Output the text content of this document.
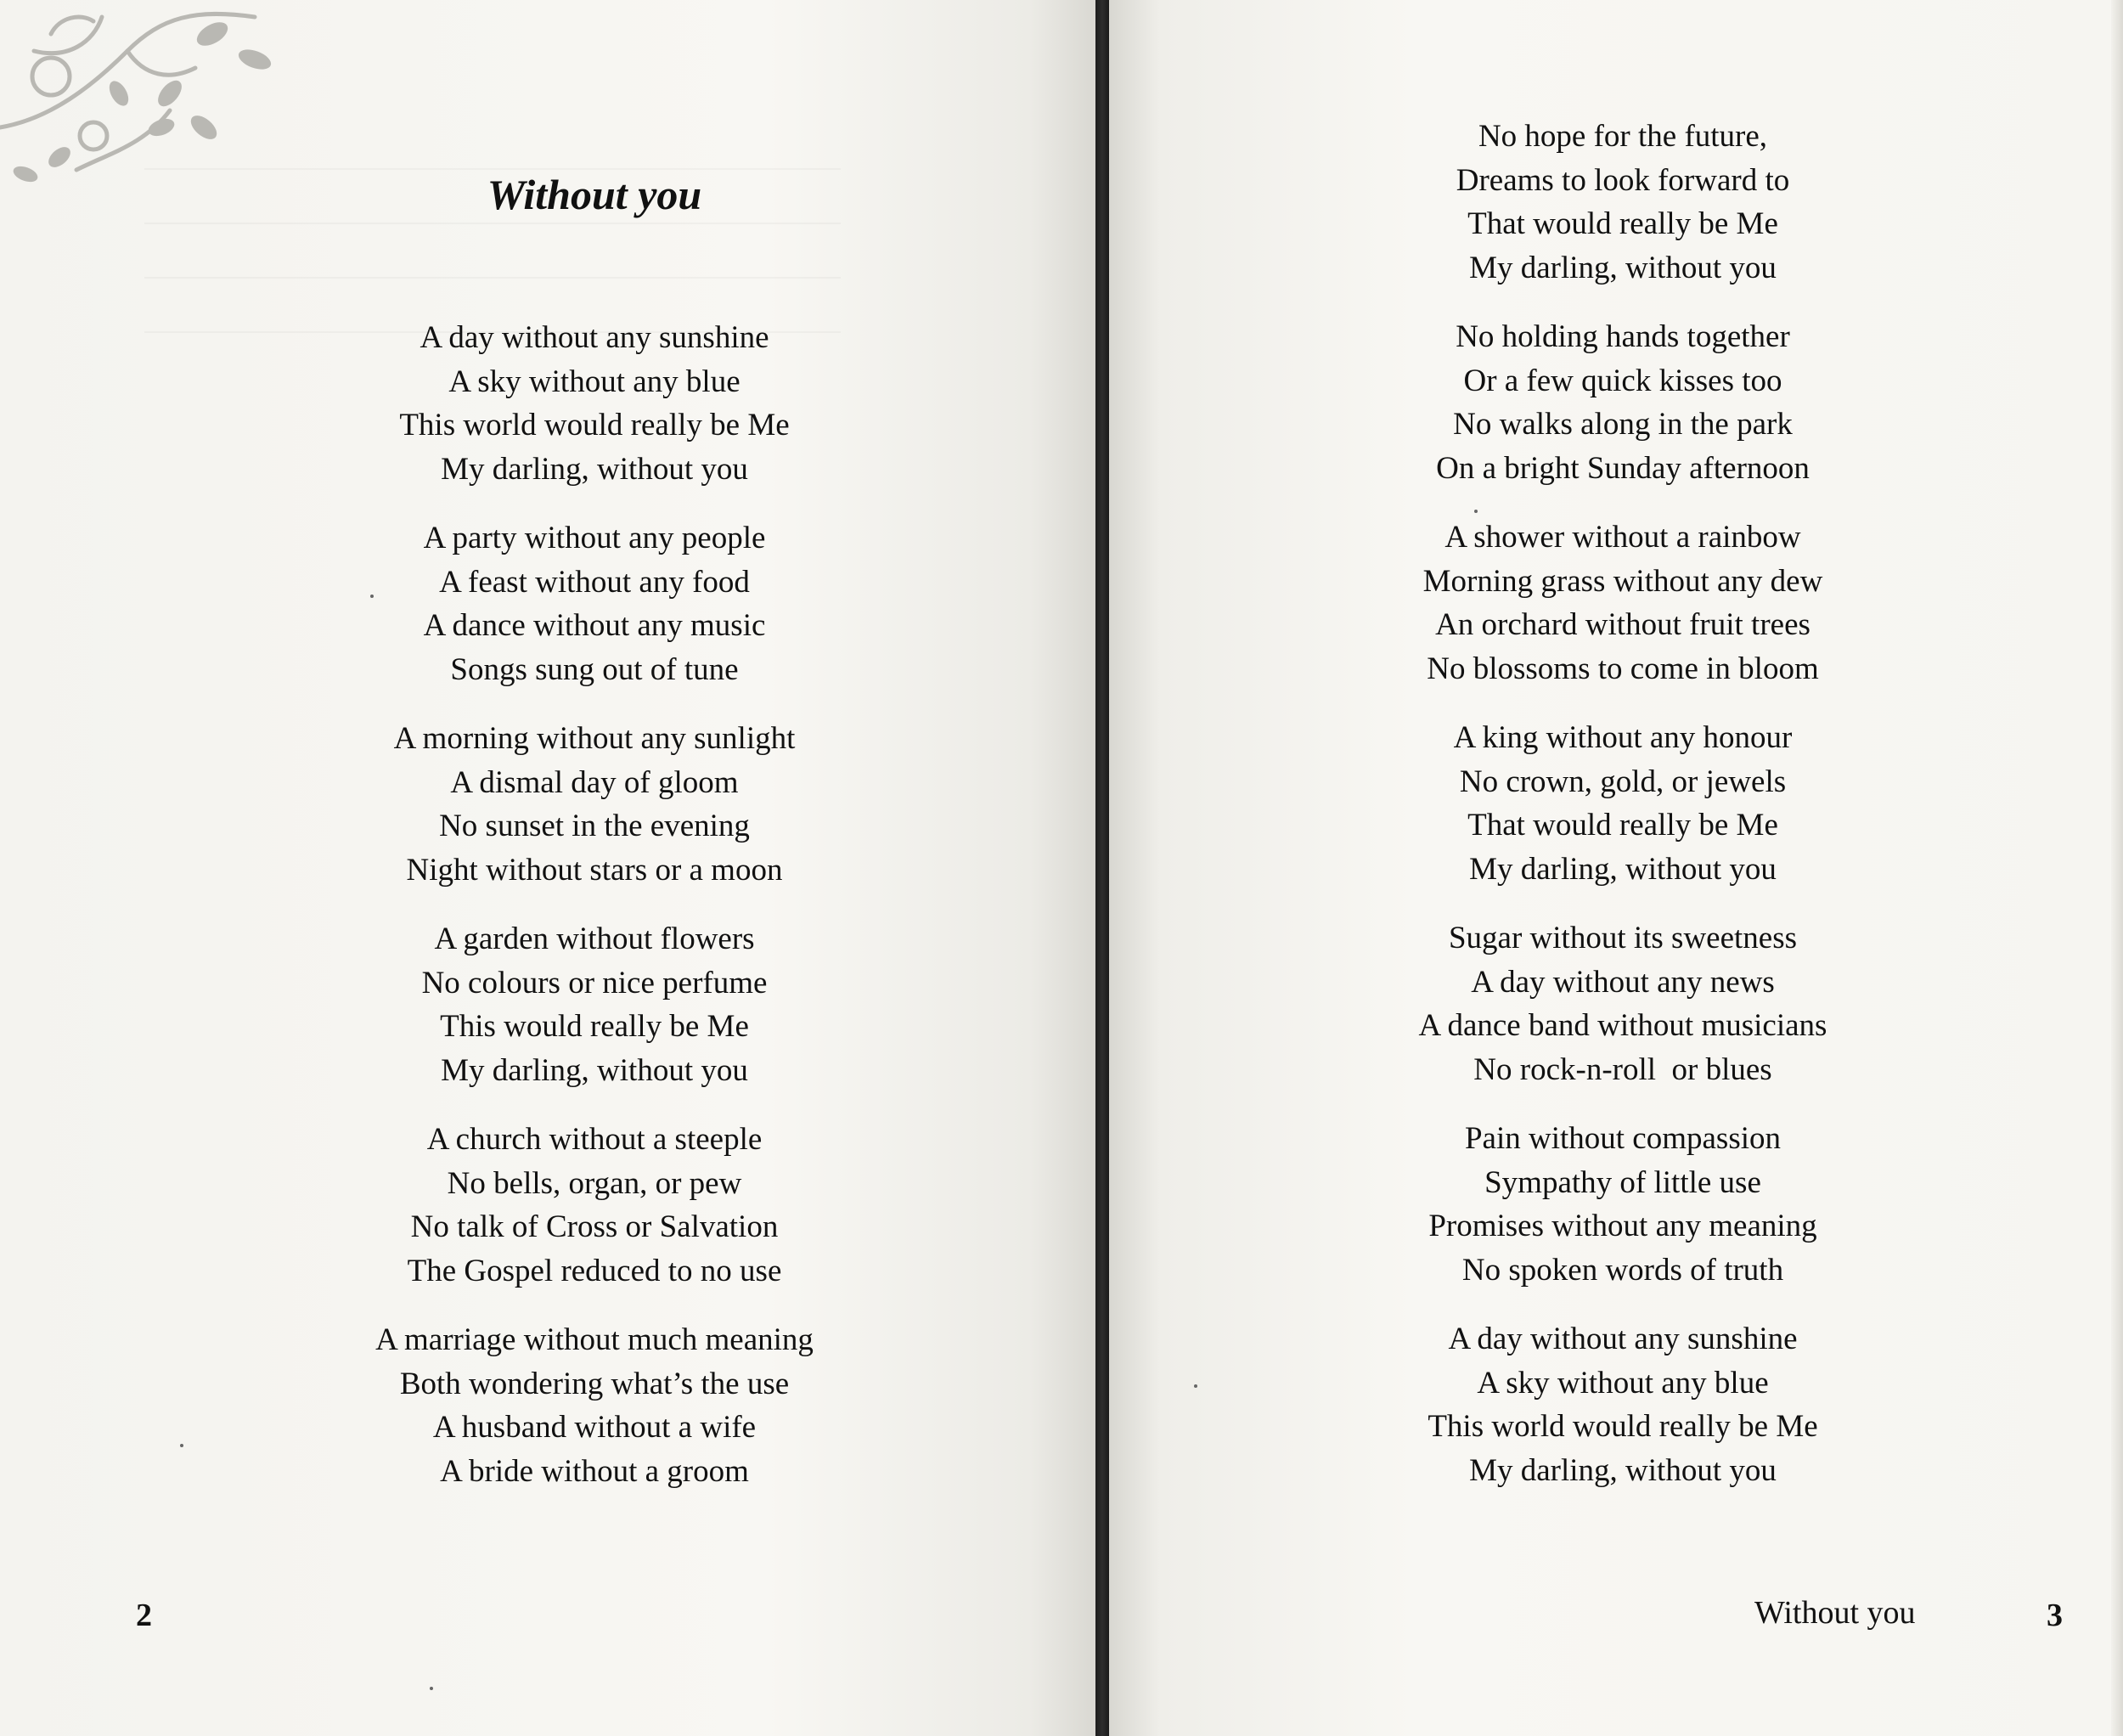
Without you
A day without any sunshine
A sky without any blue
This world would really be Me
My darling, without you
A party without any people
A feast without any food
A dance without any music
Songs sung out of tune
A morning without any sunlight
A dismal day of gloom
No sunset in the evening
Night without stars or a moon
A garden without flowers
No colours or nice perfume
This would really be Me
My darling, without you
A church without a steeple
No bells, organ, or pew
No talk of Cross or Salvation
The Gospel reduced to no use
A marriage without much meaning
Both wondering what’s the use
A husband without a wife
A bride without a groom
2
No hope for the future,
Dreams to look forward to
That would really be Me
My darling, without you
No holding hands together
Or a few quick kisses too
No walks along in the park
On a bright Sunday afternoon
A shower without a rainbow
Morning grass without any dew
An orchard without fruit trees
No blossoms to come in bloom
A king without any honour
No crown, gold, or jewels
That would really be Me
My darling, without you
Sugar without its sweetness
A day without any news
A dance band without musicians
No rock-n-roll  or blues
Pain without compassion
Sympathy of little use
Promises without any meaning
No spoken words of truth
A day without any sunshine
A sky without any blue
This world would really be Me
My darling, without you
Without you	3
